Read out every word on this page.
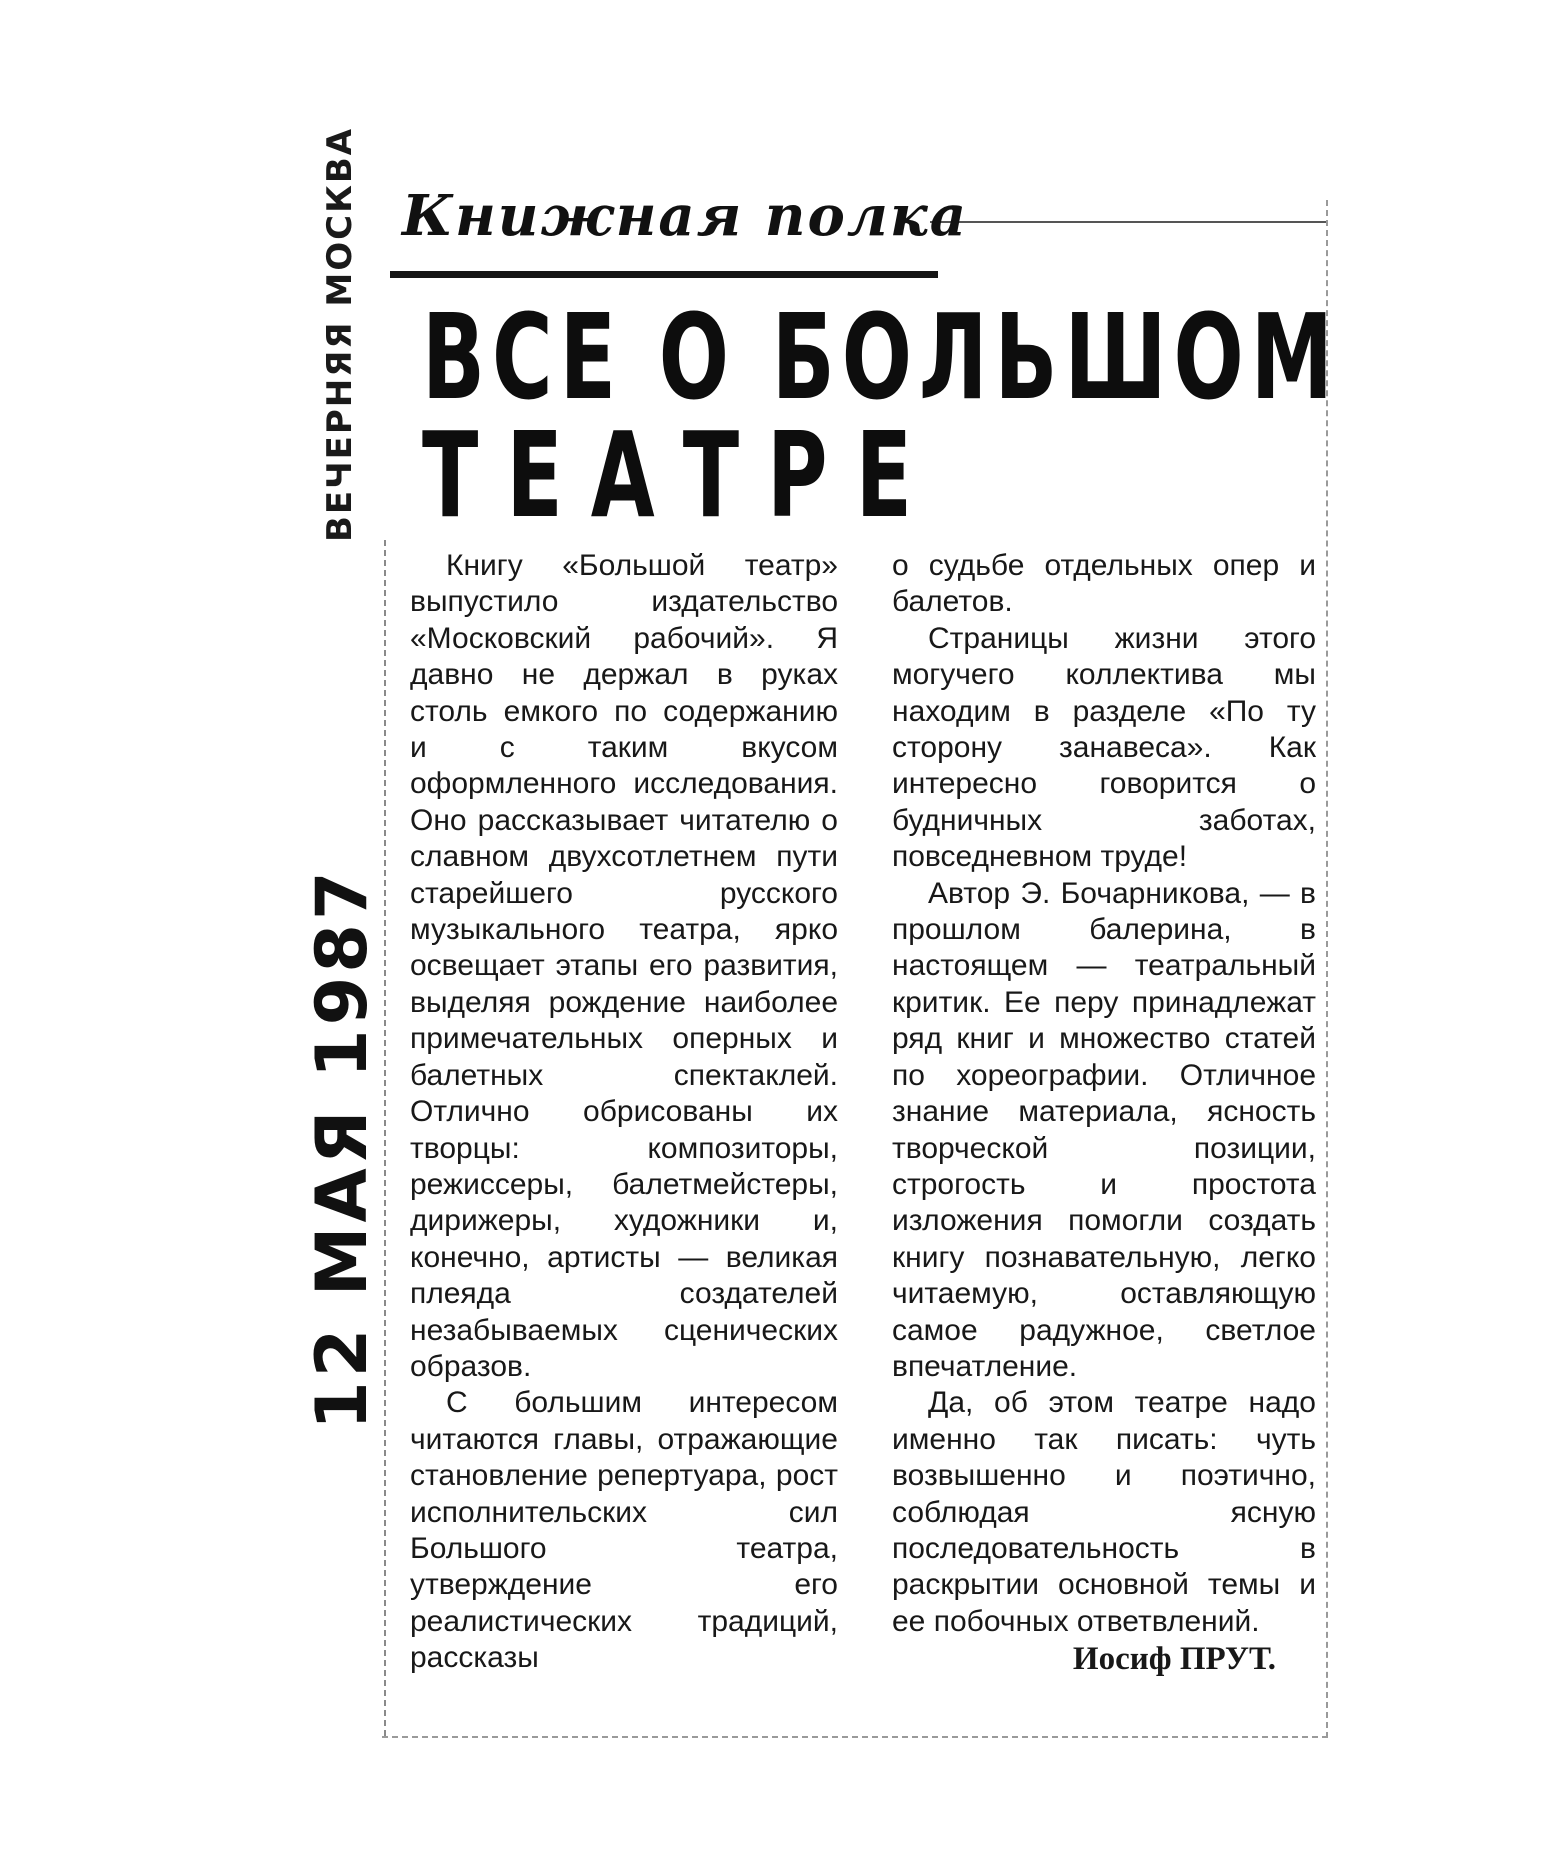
ВЕЧЕРНЯЯ МОСКВА
12 МАЯ 1987
Книжная полка
ВСЕ О БОЛЬШОМ
ТЕАТРЕ

Книгу «Большой театр» выпустило издательство «Московский рабочий». Я давно не держал в руках столь емкого по содержанию и с таким вкусом оформленного исследования. Оно рассказывает читателю о славном двухсотлетнем пути старейшего русского музыкального театра, ярко освещает этапы его развития, выделяя рождение наиболее примечательных оперных и балетных спектаклей. Отлично обрисованы их творцы: композиторы, режиссеры, балетмейстеры, дирижеры, художники и, конечно, артисты — великая плеяда создателей незабываемых сценических образов.

С большим интересом читаются главы, отражающие становление репертуара, рост исполнительских сил Большого театра, утверждение его реалистических традиций, рассказы

о судьбе отдельных опер и балетов.

Страницы жизни этого могучего коллектива мы находим в разделе «По ту сторону занавеса». Как интересно говорится о будничных заботах, повседневном труде!

Автор Э. Бочарникова, — в прошлом балерина, в настоящем — театральный критик. Ее перу принадлежат ряд книг и множество статей по хореографии. Отличное знание материала, ясность творческой позиции, строгость и простота изложения помогли создать книгу познавательную, легко читаемую, оставляющую самое радужное, светлое впечатление.

Да, об этом театре надо именно так писать: чуть возвышенно и поэтично, соблюдая ясную последовательность в раскрытии основной темы и ее побочных ответвлений.

Иосиф ПРУТ.
